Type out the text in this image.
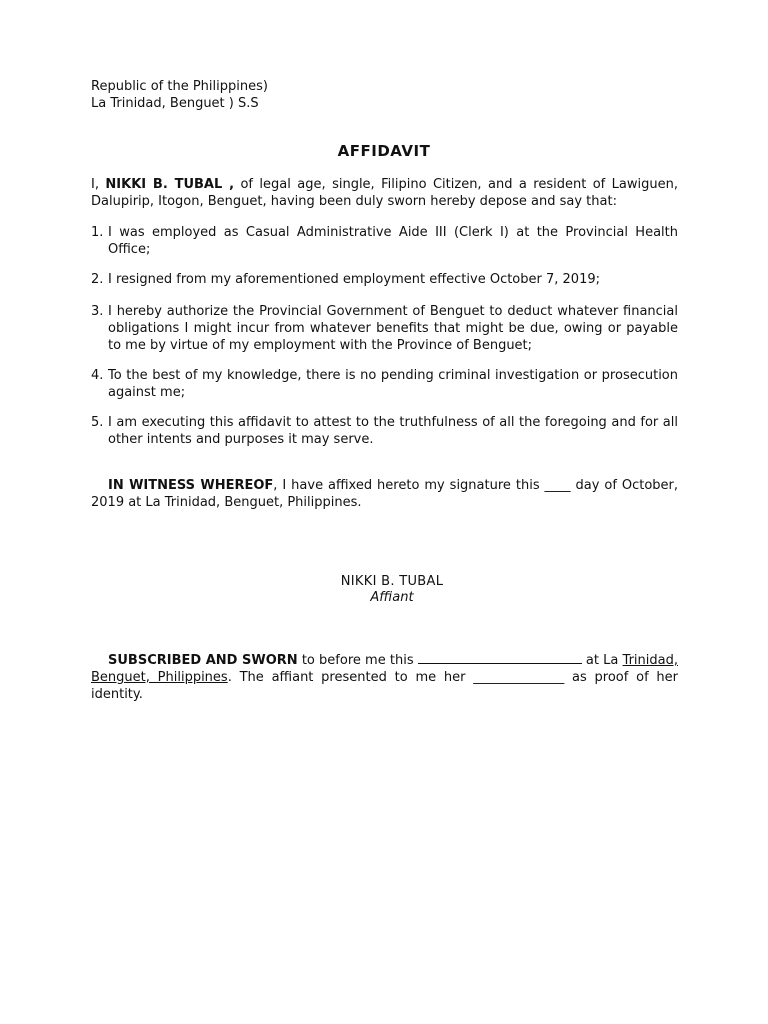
Republic of the Philippines)
La Trinidad, Benguet ) S.S
AFFIDAVIT
I, NIKKI B. TUBAL , of legal age, single, Filipino Citizen, and a resident of Lawiguen, Dalupirip, Itogon, Benguet, having been duly sworn hereby depose and say that:
1. I was employed as Casual Administrative Aide III (Clerk I) at the Provincial Health Office;
2. I resigned from my aforementioned employment effective October 7, 2019;
3. I hereby authorize the Provincial Government of Benguet to deduct whatever financial obligations I might incur from whatever benefits that might be due, owing or payable to me by virtue of my employment with the Province of Benguet;
4. To the best of my knowledge, there is no pending criminal investigation or prosecution against me;
5. I am executing this affidavit to attest to the truthfulness of all the foregoing and for all other intents and purposes it may serve.
IN WITNESS WHEREOF, I have affixed hereto my signature this ____ day of October, 2019 at La Trinidad, Benguet, Philippines.
NIKKI B. TUBAL
Affiant
SUBSCRIBED AND SWORN to before me this	at La Trinidad, Benguet, Philippines. The affiant presented to me her ______________ as proof of her identity.
